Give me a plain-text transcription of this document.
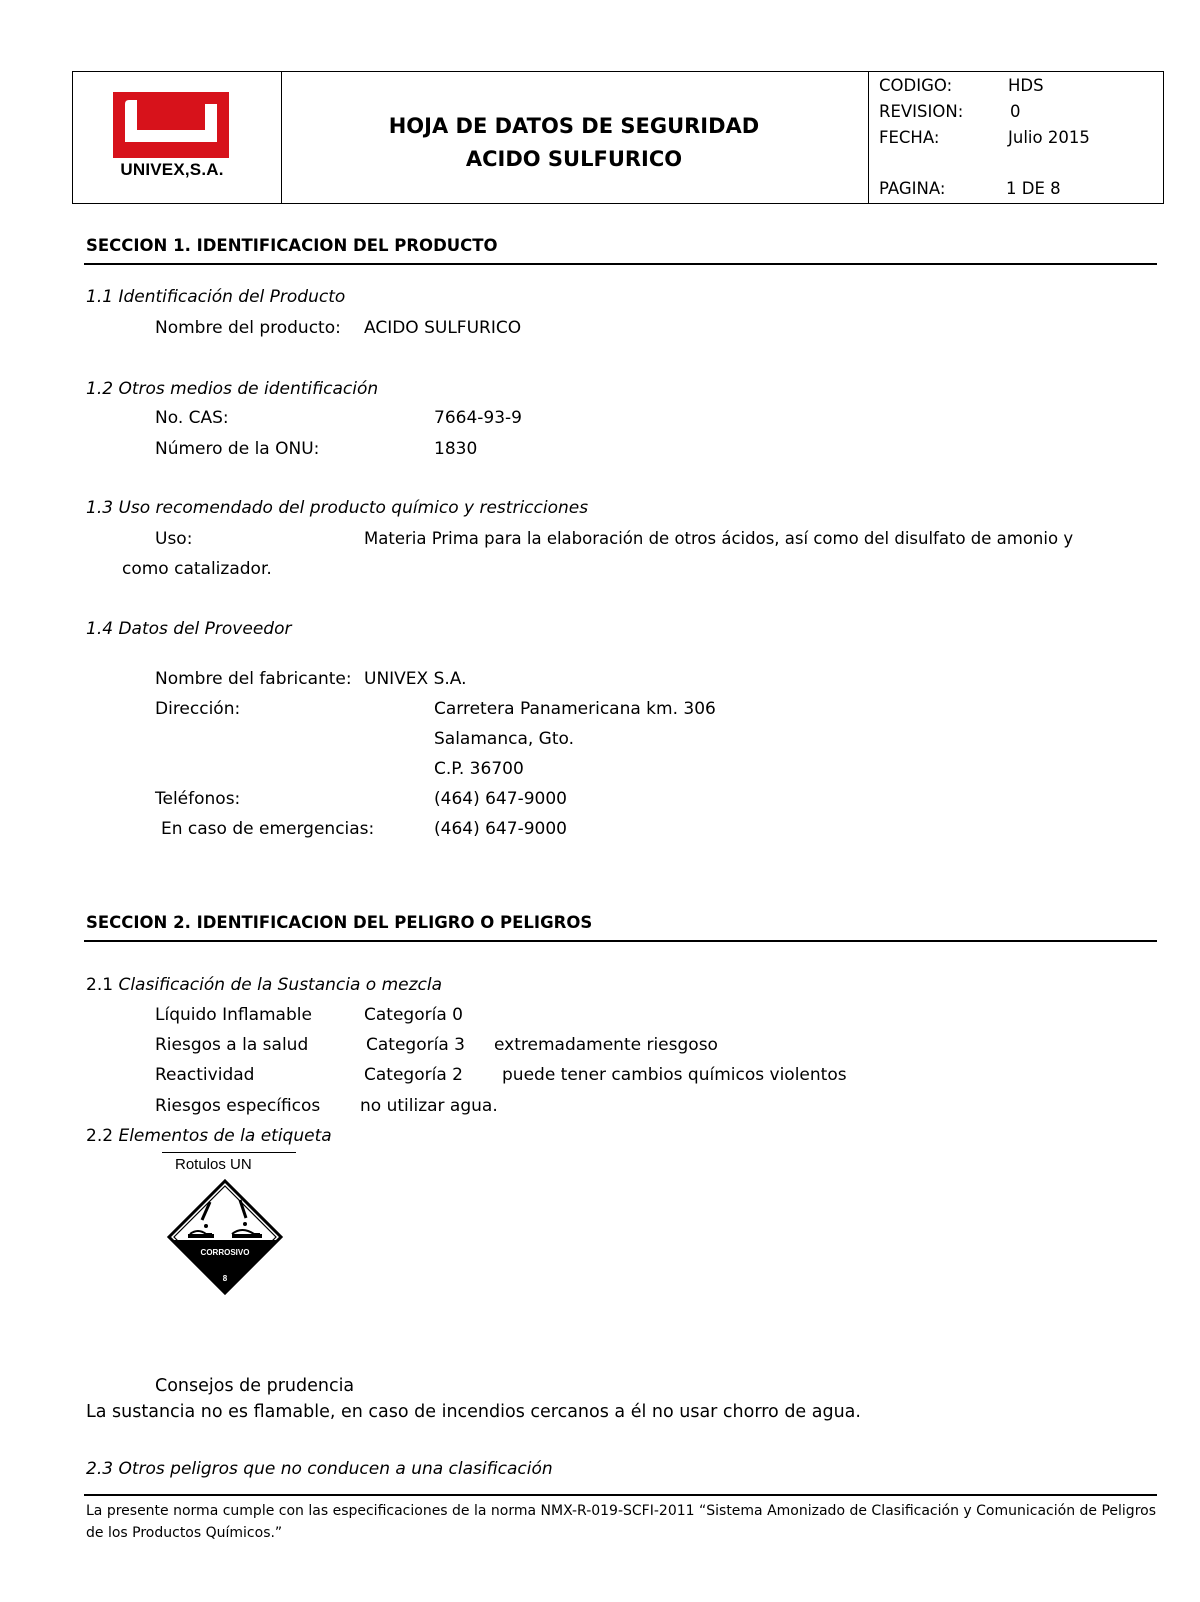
UNIVEX,S.A.
HOJA DE DATOS DE SEGURIDAD
ACIDO SULFURICO
CODIGO:	HDS
REVISION:	0
FECHA:	Julio 2015
PAGINA:	1 DE 8
SECCION 1. IDENTIFICACION DEL PRODUCTO
1.1 Identificación del Producto
Nombre del producto: ACIDO SULFURICO
1.2 Otros medios de identificación
No. CAS:	7664-93-9
Número de la ONU:	1830
1.3 Uso recomendado del producto químico y restricciones
Uso:	Materia Prima para la elaboración de otros ácidos, así como del disulfato de amonio y
como catalizador.
1.4 Datos del Proveedor
Nombre del fabricante: UNIVEX S.A.
Dirección:	Carretera Panamericana km. 306
Salamanca, Gto.
C.P. 36700
Teléfonos:	(464) 647-9000
En caso de emergencias:	(464) 647-9000
SECCION 2. IDENTIFICACION DEL PELIGRO O PELIGROS
2.1 Clasificación de la Sustancia o mezcla
Líquido Inflamable	Categoría 0
Riesgos a la salud	Categoría 3 extremadamente riesgoso
Reactividad	Categoría 2 puede tener cambios químicos violentos
Riesgos específicos no utilizar agua.
2.2 Elementos de la etiqueta
Rotulos UN
CORROSIVO
8
Consejos de prudencia
La sustancia no es flamable, en caso de incendios cercanos a él no usar chorro de agua.
2.3 Otros peligros que no conducen a una clasificación
La presente norma cumple con las especificaciones de la norma NMX-R-019-SCFI-2011 “Sistema Amonizado de Clasificación y Comunicación de Peligros de los Productos Químicos.”
